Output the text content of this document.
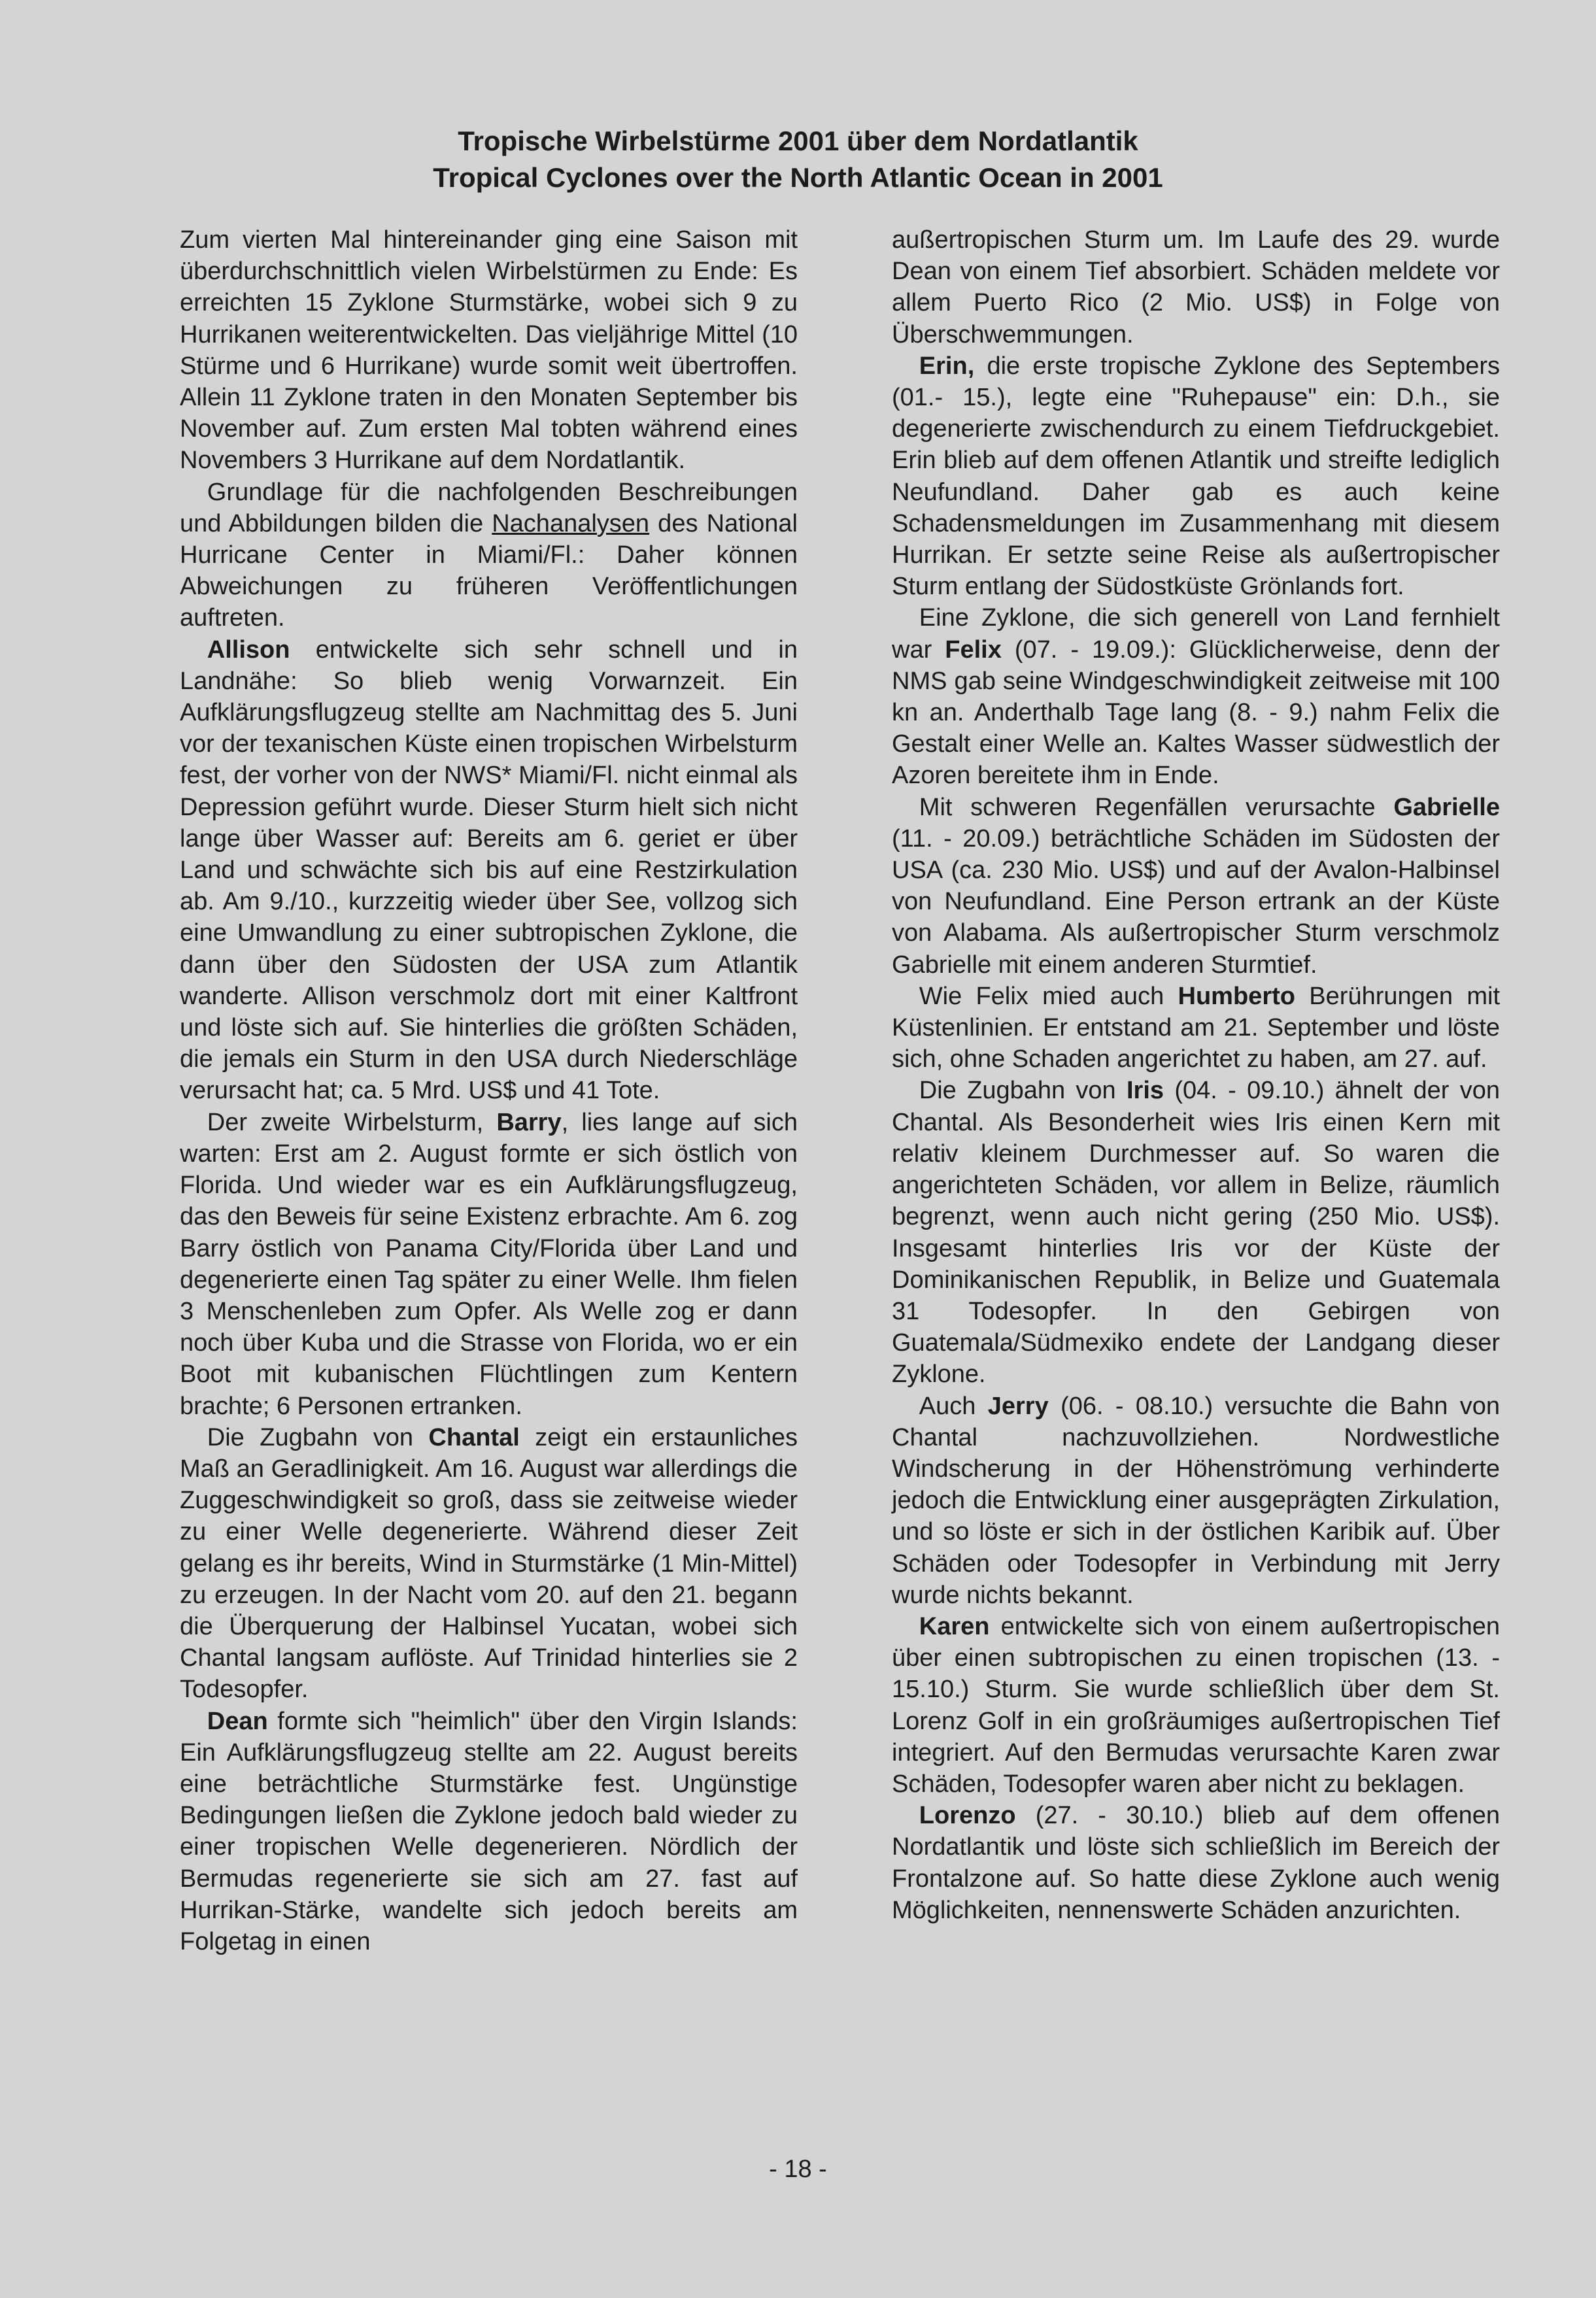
Tropische Wirbelstürme 2001 über dem Nordatlantik
Tropical Cyclones over the North Atlantic Ocean in 2001

Zum vierten Mal hintereinander ging eine Saison mit überdurchschnittlich vielen Wirbelstürmen zu Ende: Es erreichten 15 Zyklone Sturmstärke, wobei sich 9 zu Hurrikanen weiterentwickelten. Das vieljährige Mittel (10 Stürme und 6 Hurrikane) wurde somit weit übertroffen. Allein 11 Zyklone traten in den Monaten September bis November auf. Zum ersten Mal tobten während eines Novembers 3 Hurrikane auf dem Nordatlantik.

Grundlage für die nachfolgenden Beschreibungen und Abbildungen bilden die Nachanalysen des National Hurricane Center in Miami/Fl.: Daher können Abweichungen zu früheren Veröffentlichungen auftreten.

Allison entwickelte sich sehr schnell und in Landnähe: So blieb wenig Vorwarnzeit. Ein Aufklärungsflugzeug stellte am Nachmittag des 5. Juni vor der texanischen Küste einen tropischen Wirbelsturm fest, der vorher von der NWS* Miami/Fl. nicht einmal als Depression geführt wurde. Dieser Sturm hielt sich nicht lange über Wasser auf: Bereits am 6. geriet er über Land und schwächte sich bis auf eine Restzirkulation ab. Am 9./10., kurzzeitig wieder über See, vollzog sich eine Umwandlung zu einer subtropischen Zyklone, die dann über den Südosten der USA zum Atlantik wanderte. Allison verschmolz dort mit einer Kaltfront und löste sich auf. Sie hinterlies die größten Schäden, die jemals ein Sturm in den USA durch Niederschläge verursacht hat; ca. 5 Mrd. US$ und 41 Tote.

Der zweite Wirbelsturm, Barry, lies lange auf sich warten: Erst am 2. August formte er sich östlich von Florida. Und wieder war es ein Aufklärungsflugzeug, das den Beweis für seine Existenz erbrachte. Am 6. zog Barry östlich von Panama City/Florida über Land und degenerierte einen Tag später zu einer Welle. Ihm fielen 3 Menschenleben zum Opfer. Als Welle zog er dann noch über Kuba und die Strasse von Florida, wo er ein Boot mit kubanischen Flüchtlingen zum Kentern brachte; 6 Personen ertranken.

Die Zugbahn von Chantal zeigt ein erstaunliches Maß an Geradlinigkeit. Am 16. August war allerdings die Zuggeschwindigkeit so groß, dass sie zeitweise wieder zu einer Welle degenerierte. Während dieser Zeit gelang es ihr bereits, Wind in Sturmstärke (1 Min-Mittel) zu erzeugen. In der Nacht vom 20. auf den 21. begann die Überquerung der Halbinsel Yucatan, wobei sich Chantal langsam auflöste. Auf Trinidad hinterlies sie 2 Todesopfer.

Dean formte sich "heimlich" über den Virgin Islands: Ein Aufklärungsflugzeug stellte am 22. August bereits eine beträchtliche Sturmstärke fest. Ungünstige Bedingungen ließen die Zyklone jedoch bald wieder zu einer tropischen Welle degenerieren. Nördlich der Bermudas regenerierte sie sich am 27. fast auf Hurrikan-Stärke, wandelte sich jedoch bereits am Folgetag in einen

außertropischen Sturm um. Im Laufe des 29. wurde Dean von einem Tief absorbiert. Schäden meldete vor allem Puerto Rico (2 Mio. US$) in Folge von Überschwemmungen.

Erin, die erste tropische Zyklone des Septembers (01.- 15.), legte eine "Ruhepause" ein: D.h., sie degenerierte zwischendurch zu einem Tiefdruckgebiet. Erin blieb auf dem offenen Atlantik und streifte lediglich Neufundland. Daher gab es auch keine Schadensmeldungen im Zusammenhang mit diesem Hurrikan. Er setzte seine Reise als außertropischer Sturm entlang der Südostküste Grönlands fort.

Eine Zyklone, die sich generell von Land fernhielt war Felix (07. - 19.09.): Glücklicherweise, denn der NMS gab seine Windgeschwindigkeit zeitweise mit 100 kn an. Anderthalb Tage lang (8. - 9.) nahm Felix die Gestalt einer Welle an. Kaltes Wasser südwestlich der Azoren bereitete ihm in Ende.

Mit schweren Regenfällen verursachte Gabrielle (11. - 20.09.) beträchtliche Schäden im Südosten der USA (ca. 230 Mio. US$) und auf der Avalon-Halbinsel von Neufundland. Eine Person ertrank an der Küste von Alabama. Als außertropischer Sturm verschmolz Gabrielle mit einem anderen Sturmtief.

Wie Felix mied auch Humberto Berührungen mit Küstenlinien. Er entstand am 21. September und löste sich, ohne Schaden angerichtet zu haben, am 27. auf.

Die Zugbahn von Iris (04. - 09.10.) ähnelt der von Chantal. Als Besonderheit wies Iris einen Kern mit relativ kleinem Durchmesser auf. So waren die angerichteten Schäden, vor allem in Belize, räumlich begrenzt, wenn auch nicht gering (250 Mio. US$). Insgesamt hinterlies Iris vor der Küste der Dominikanischen Republik, in Belize und Guatemala 31 Todesopfer. In den Gebirgen von Guatemala/Südmexiko endete der Landgang dieser Zyklone.

Auch Jerry (06. - 08.10.) versuchte die Bahn von Chantal nachzuvollziehen. Nordwestliche Windscherung in der Höhenströmung verhinderte jedoch die Entwicklung einer ausgeprägten Zirkulation, und so löste er sich in der östlichen Karibik auf. Über Schäden oder Todesopfer in Verbindung mit Jerry wurde nichts bekannt.

Karen entwickelte sich von einem außertropischen über einen subtropischen zu einen tropischen (13. - 15.10.) Sturm. Sie wurde schließlich über dem St. Lorenz Golf in ein großräumiges außertropischen Tief integriert. Auf den Bermudas verursachte Karen zwar Schäden, Todesopfer waren aber nicht zu beklagen.

Lorenzo (27. - 30.10.) blieb auf dem offenen Nordatlantik und löste sich schließlich im Bereich der Frontalzone auf. So hatte diese Zyklone auch wenig Möglichkeiten, nennenswerte Schäden anzurichten.

- 18 -
